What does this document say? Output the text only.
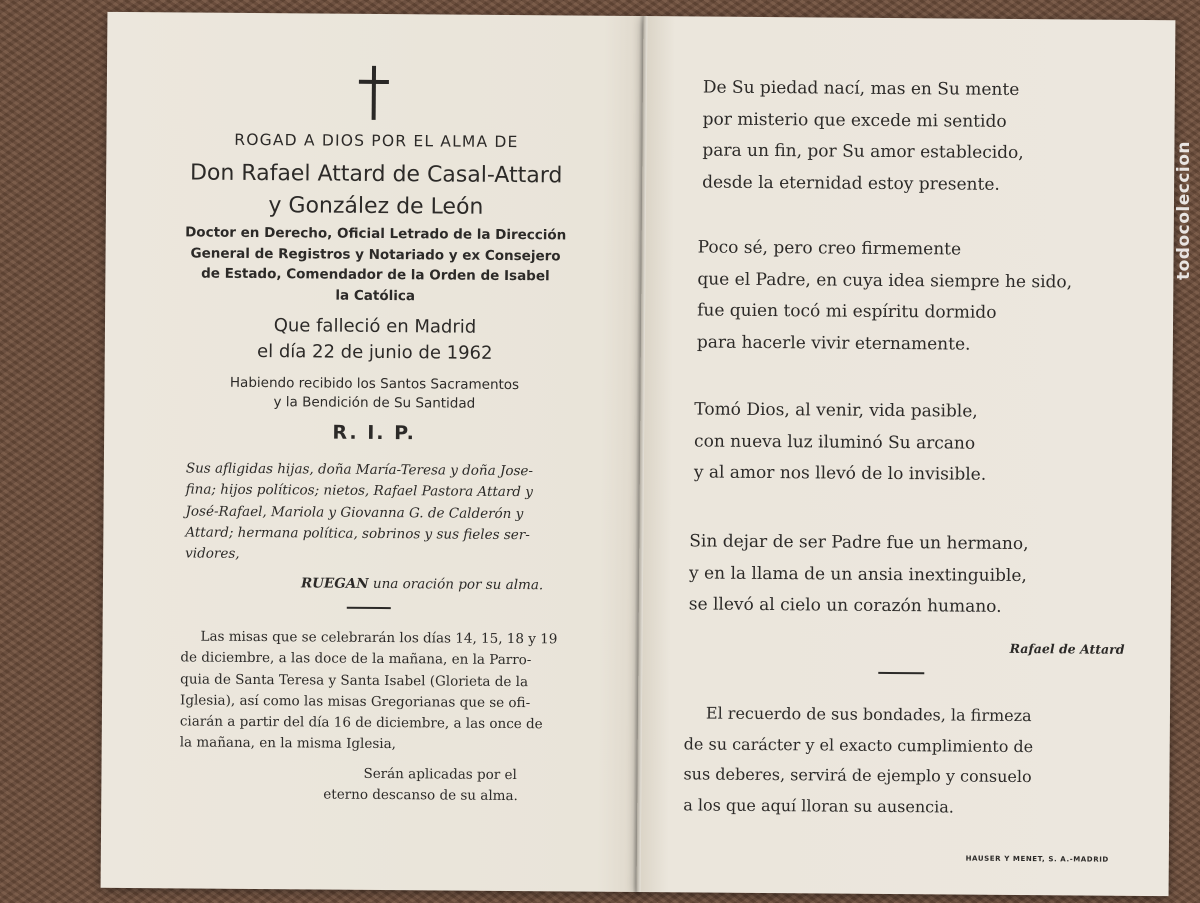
ROGAD A DIOS POR EL ALMA DE
Don Rafael Attard de Casal-Attard
y González de León
Doctor en Derecho, Oficial Letrado de la Dirección
General de Registros y Notariado y ex Consejero
de Estado, Comendador de la Orden de Isabel
la Católica
Que falleció en Madrid
el día 22 de junio de 1962
Habiendo recibido los Santos Sacramentos
y la Bendición de Su Santidad
R. I. P.
Sus afligidas hijas, doña María-Teresa y doña Jose-
fina; hijos políticos; nietos, Rafael Pastora Attard y
José-Rafael, Mariola y Giovanna G. de Calderón y
Attard; hermana política, sobrinos y sus fieles ser-
vidores,
RUEGAN una oración por su alma.
Las misas que se celebrarán los días 14, 15, 18 y 19
de diciembre, a las doce de la mañana, en la Parro-
quia de Santa Teresa y Santa Isabel (Glorieta de la
Iglesia), así como las misas Gregorianas que se ofi-
ciarán a partir del día 16 de diciembre, a las once de
la mañana, en la misma Iglesia,
Serán aplicadas por el
eterno descanso de su alma.
De Su piedad nací, mas en Su mente
por misterio que excede mi sentido
para un fin, por Su amor establecido,
desde la eternidad estoy presente.
Poco sé, pero creo firmemente
que el Padre, en cuya idea siempre he sido,
fue quien tocó mi espíritu dormido
para hacerle vivir eternamente.
Tomó Dios, al venir, vida pasible,
con nueva luz iluminó Su arcano
y al amor nos llevó de lo invisible.
Sin dejar de ser Padre fue un hermano,
y en la llama de un ansia inextinguible,
se llevó al cielo un corazón humano.
Rafael de Attard
El recuerdo de sus bondades, la firmeza
de su carácter y el exacto cumplimiento de
sus deberes, servirá de ejemplo y consuelo
a los que aquí lloran su ausencia.
HAUSER Y MENET, S. A.-MADRID
todocoleccion
